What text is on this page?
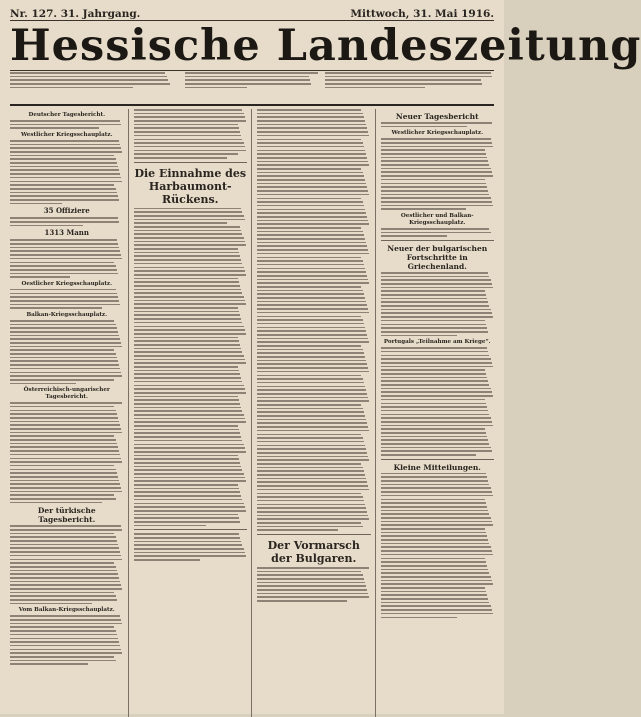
Nr. 127. 31. Jahrgang.	Mittwoch, 31. Mai 1916.
Hessische Landeszeitung
Deutscher Tagesbericht.
Westlicher Kriegsschauplatz.
35 Offiziere
1313 Mann
Oestlicher Kriegsschauplatz.
Balkan-Kriegsschauplatz.
Österreichisch-ungarischer Tagesbericht.
Der türkische Tagesbericht.
Vom Balkan-Kriegsschauplatz.
Die Einnahme des Harbaumont-Rückens.
Der Vormarsch der Bulgaren.
Neuer Tagesbericht
Westlicher Kriegsschauplatz.
Oestlicher und Balkan-Kriegsschauplatz.
Neuer der bulgarischen Fortschritte in Griechenland.
Portugals „Teilnahme am Kriege“.
Kleine Mitteilungen.
